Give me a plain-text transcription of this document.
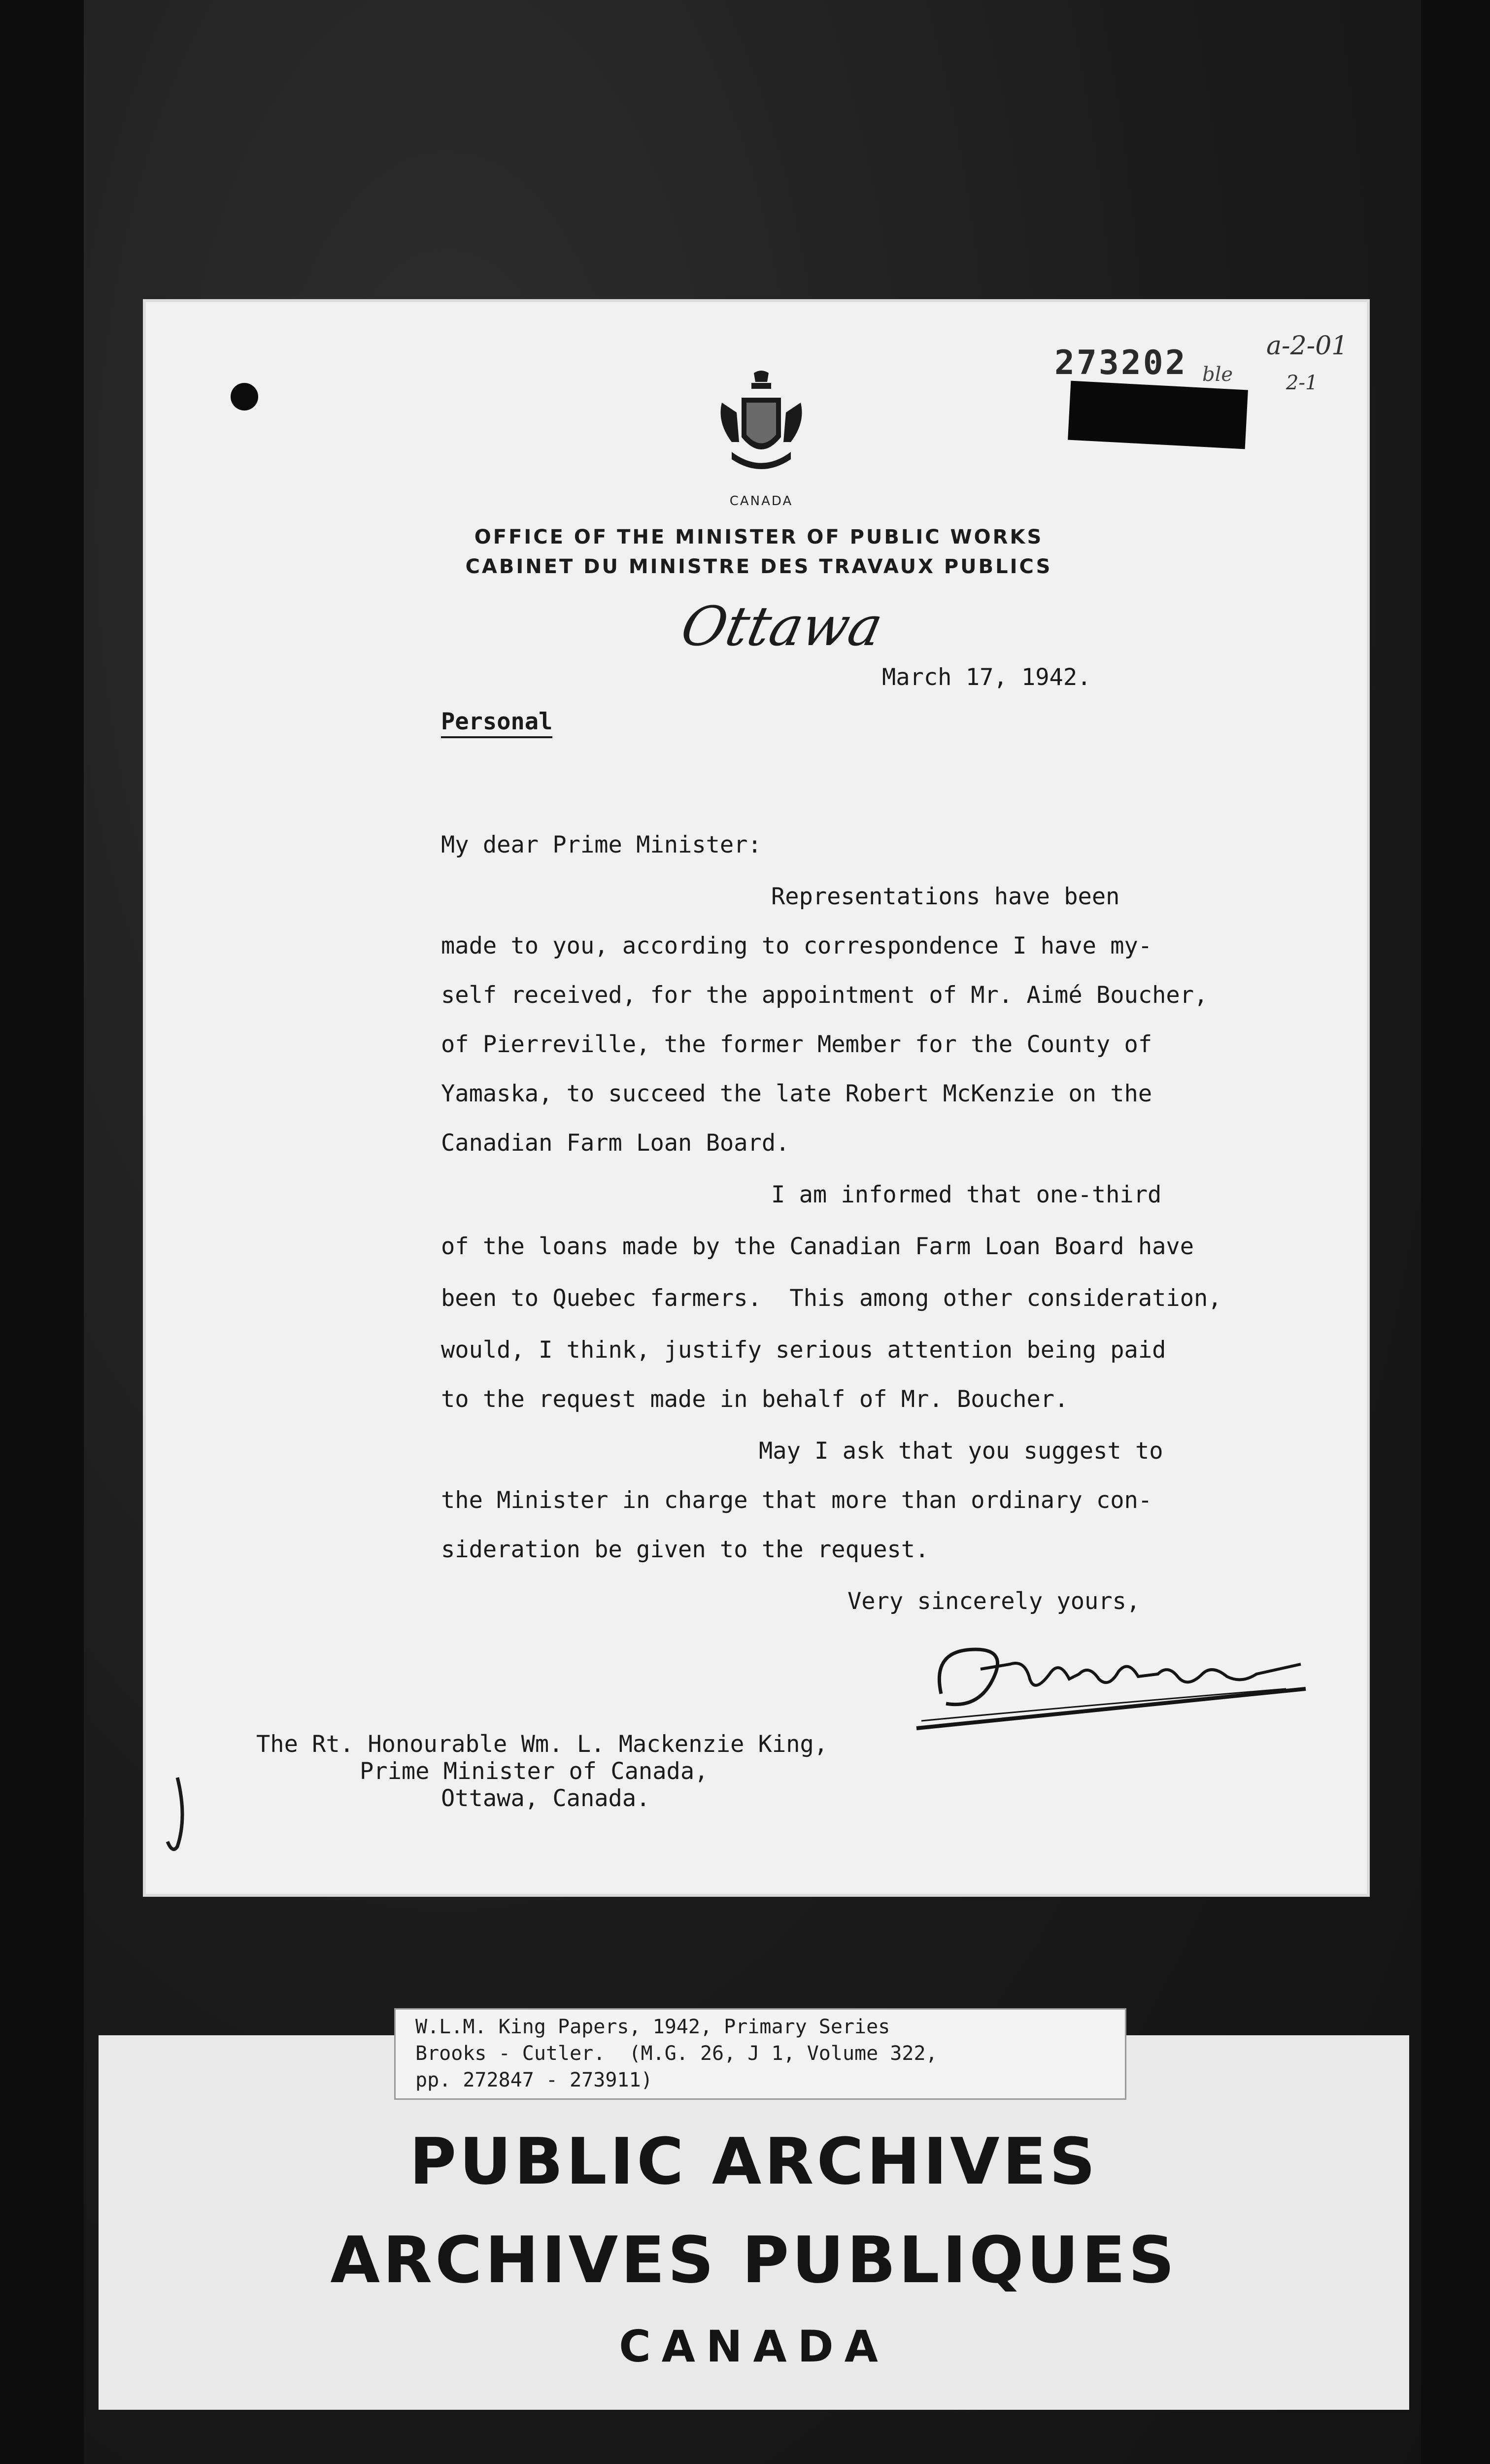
273202	a-2-01
2-1
ble
CANADA
OFFICE OF THE MINISTER OF PUBLIC WORKS
CABINET DU MINISTRE DES TRAVAUX PUBLICS
Ottawa
March 17, 1942.
Personal
My dear Prime Minister:
Representations have been
made to you, according to correspondence I have my-
self received, for the appointment of Mr. Aimé Boucher,
of Pierreville, the former Member for the County of
Yamaska, to succeed the late Robert McKenzie on the
Canadian Farm Loan Board.
I am informed that one-third
of the loans made by the Canadian Farm Loan Board have
been to Quebec farmers.  This among other consideration,
would, I think, justify serious attention being paid
to the request made in behalf of Mr. Boucher.
May I ask that you suggest to
the Minister in charge that more than ordinary con-
sideration be given to the request.
Very sincerely yours,
The Rt. Honourable Wm. L. Mackenzie King,
Prime Minister of Canada,
Ottawa, Canada.
PUBLIC ARCHIVES
ARCHIVES PUBLIQUES
CANADA
W.L.M. King Papers, 1942, Primary Series
Brooks - Cutler.  (M.G. 26, J 1, Volume 322,
pp. 272847 - 273911)
